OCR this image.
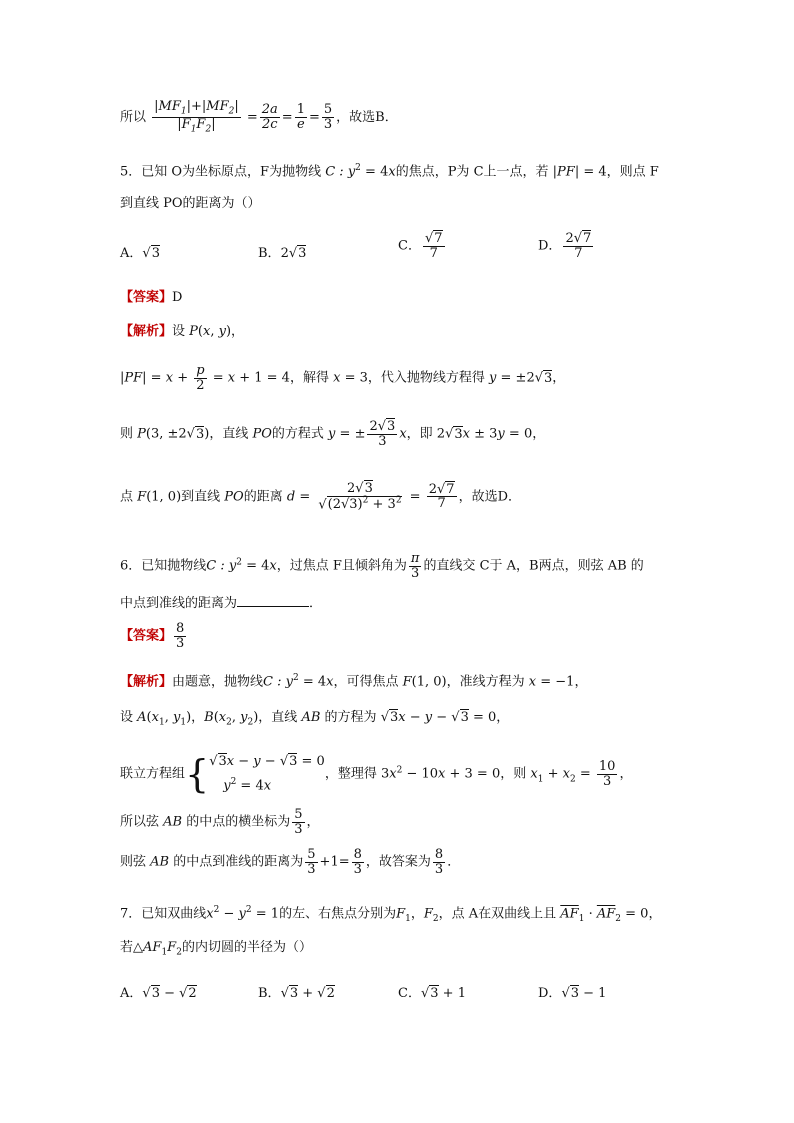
所以 $\frac{|MF_1|+|MF_2|}{|F_1F_2|} = \frac{2a}{2c} = \frac{1}{e} = \frac{5}{3}$ ，故选B．
5．已知 O为坐标原点，F为抛物线 C : $y^2 = 4x$的焦点，P为 C上一点，若 |PF| = 4，则点 F
到直线 PO的距离为（）
A．√3	B．2√3	C． $\frac{√7}{7}$	D． $\frac{2√7}{7}$
【答案】D
【解析】设 P(x, y)，
$|PF| = x + \frac{p}{2} = x + 1 = 4$，解得 x = 3，代入抛物线方程得 y = ±2√3，
则 P(3, ±2√3)，直线 PO的方程式 y = ± $\frac{2√3}{3}$ x，即 2√3x ± 3y = 0，
点 F(1, 0)到直线 PO的距离 $d = \frac{2√3}{√(2√3)^2 + 3^2} = \frac{2√7}{7}$ ，故选D．
6．已知抛物线C : $y^2 = 4x$，过焦点 F且倾斜角为 $\frac{\pi}{3}$ 的直线交 C于 A，B两点，则弦 AB 的
中点到准线的距离为	．
【答案】 $\frac{8}{3}$
【解析】由题意，抛物线C : $y^2 = 4x$，可得焦点 F(1, 0)，准线方程为 x = −1，
设 $A(x_1$, $y_1$)，$B(x_2$, $y_2$)，直线 AB 的方程为 √3x − y − √3 = 0，
联立方程组{ √3x − y − √3 = 0
$y^2 = 4x$
，整理得 $3x^2 - 10x + 3 = 0$，则 $x_1 + x_2 = \frac{10}{3}$ ，
所以弦 AB 的中点的横坐标为 $\frac{5}{3}$ ，
则弦 AB 的中点到准线的距离为 $\frac{5}{3} +1= \frac{8}{3}$ ，故答案为 $\frac{8}{3}$ ．
7．已知双曲线$x^2 - y^2 = 1$的左、右焦点分别为$F_1$，$F_2$，点 A在双曲线上且 $\overline{AF}_1 \cdot \overline{AF}_2 = 0$，
若$\triangle AF_1F_2$的内切圆的半径为（）
A．√3 − √2	B．√3 + √2	C．√3 + 1	D．√3 − 1
